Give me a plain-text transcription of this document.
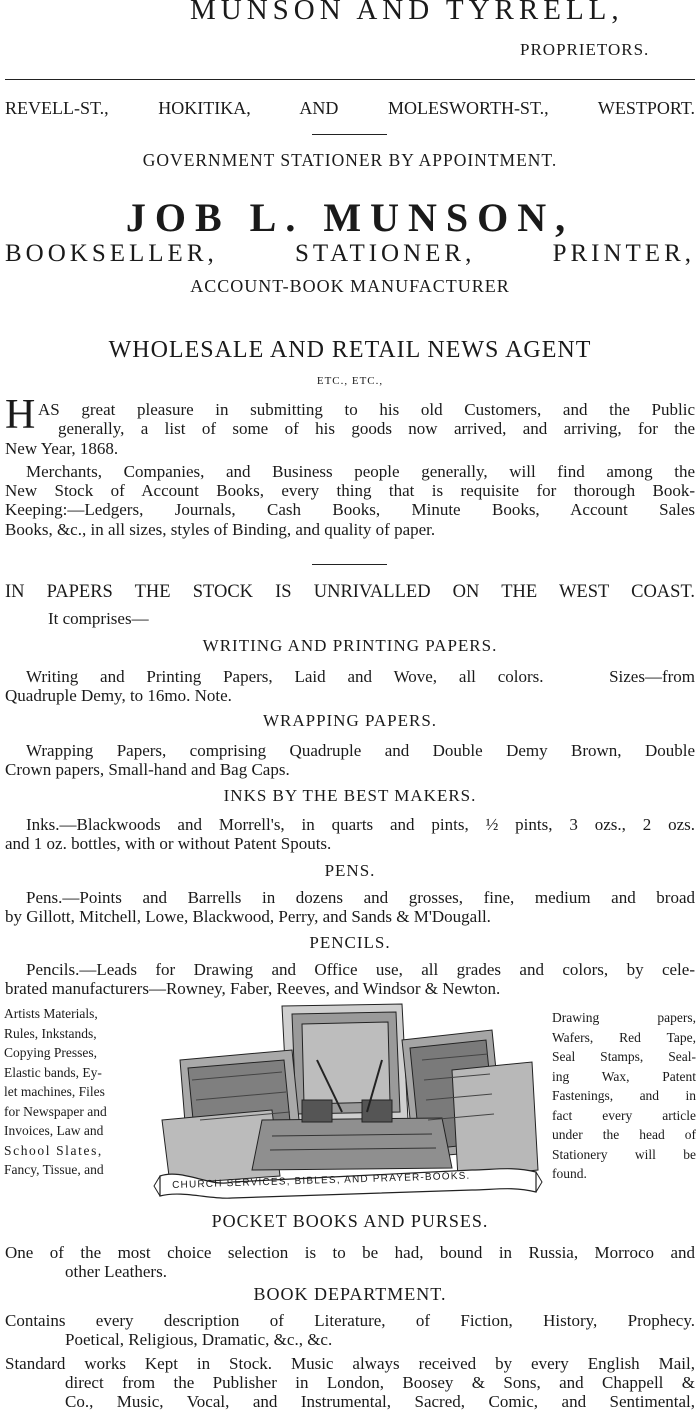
MUNSON AND TYRRELL,
PROPRIETORS.
REVELL-ST., HOKITIKA, AND MOLESWORTH-ST., WESTPORT.
GOVERNMENT STATIONER BY APPOINTMENT.
JOB L. MUNSON,
BOOKSELLER, STATIONER, PRINTER,
ACCOUNT-BOOK MANUFACTURER
WHOLESALE AND RETAIL NEWS AGENT
ETC., ETC.,
H AS great pleasure in submitting to his old Customers, and the Public
generally, a list of some of his goods now arrived, and arriving, for the
New Year, 1868.
Merchants, Companies, and Business people generally, will find among the
New Stock of Account Books, every thing that is requisite for thorough Book-
Keeping:—Ledgers, Journals, Cash Books, Minute Books, Account Sales
Books, &c., in all sizes, styles of Binding, and quality of paper.
IN PAPERS THE STOCK IS UNRIVALLED ON THE WEST COAST.
It comprises—
WRITING AND PRINTING PAPERS.
Writing and Printing Papers, Laid and Wove, all colors.   Sizes—from
Quadruple Demy, to 16mo. Note.
WRAPPING PAPERS.
Wrapping Papers, comprising Quadruple and Double Demy Brown, Double
Crown papers, Small-hand and Bag Caps.
INKS BY THE BEST MAKERS.
Inks.—Blackwoods and Morrell's, in quarts and pints, ½ pints, 3 ozs., 2 ozs.
and 1 oz. bottles, with or without Patent Spouts.
PENS.
Pens.—Points and Barrells in dozens and grosses, fine, medium and broad
by Gillott, Mitchell, Lowe, Blackwood, Perry, and Sands & M'Dougall.
PENCILS.
Pencils.—Leads for Drawing and Office use, all grades and colors, by cele-
brated manufacturers—Rowney, Faber, Reeves, and Windsor & Newton.
Artists Materials,
Rules, Inkstands,
Copying Presses,
Elastic bands, Ey-
let machines, Files
for Newspaper and
Invoices, Law and
School Slates,
Fancy, Tissue, and
CHURCH SERVICES, BIBLES, AND PRAYER-BOOKS.
Drawing papers,
Wafers, Red Tape,
Seal Stamps, Seal-
ing Wax, Patent
Fastenings, and in
fact every article
under the head of
Stationery will be
found.
POCKET BOOKS AND PURSES.
One of the most choice selection is to be had, bound in Russia, Morroco and
other Leathers.
BOOK DEPARTMENT.
Contains every description of Literature, of Fiction, History, Prophecy.
Poetical, Religious, Dramatic, &c., &c.
Standard works Kept in Stock. Music always received by every English Mail,
direct from the Publisher in London, Boosey & Sons, and Chappell &
Co., Music, Vocal, and Instrumental, Sacred, Comic, and Sentimental,
